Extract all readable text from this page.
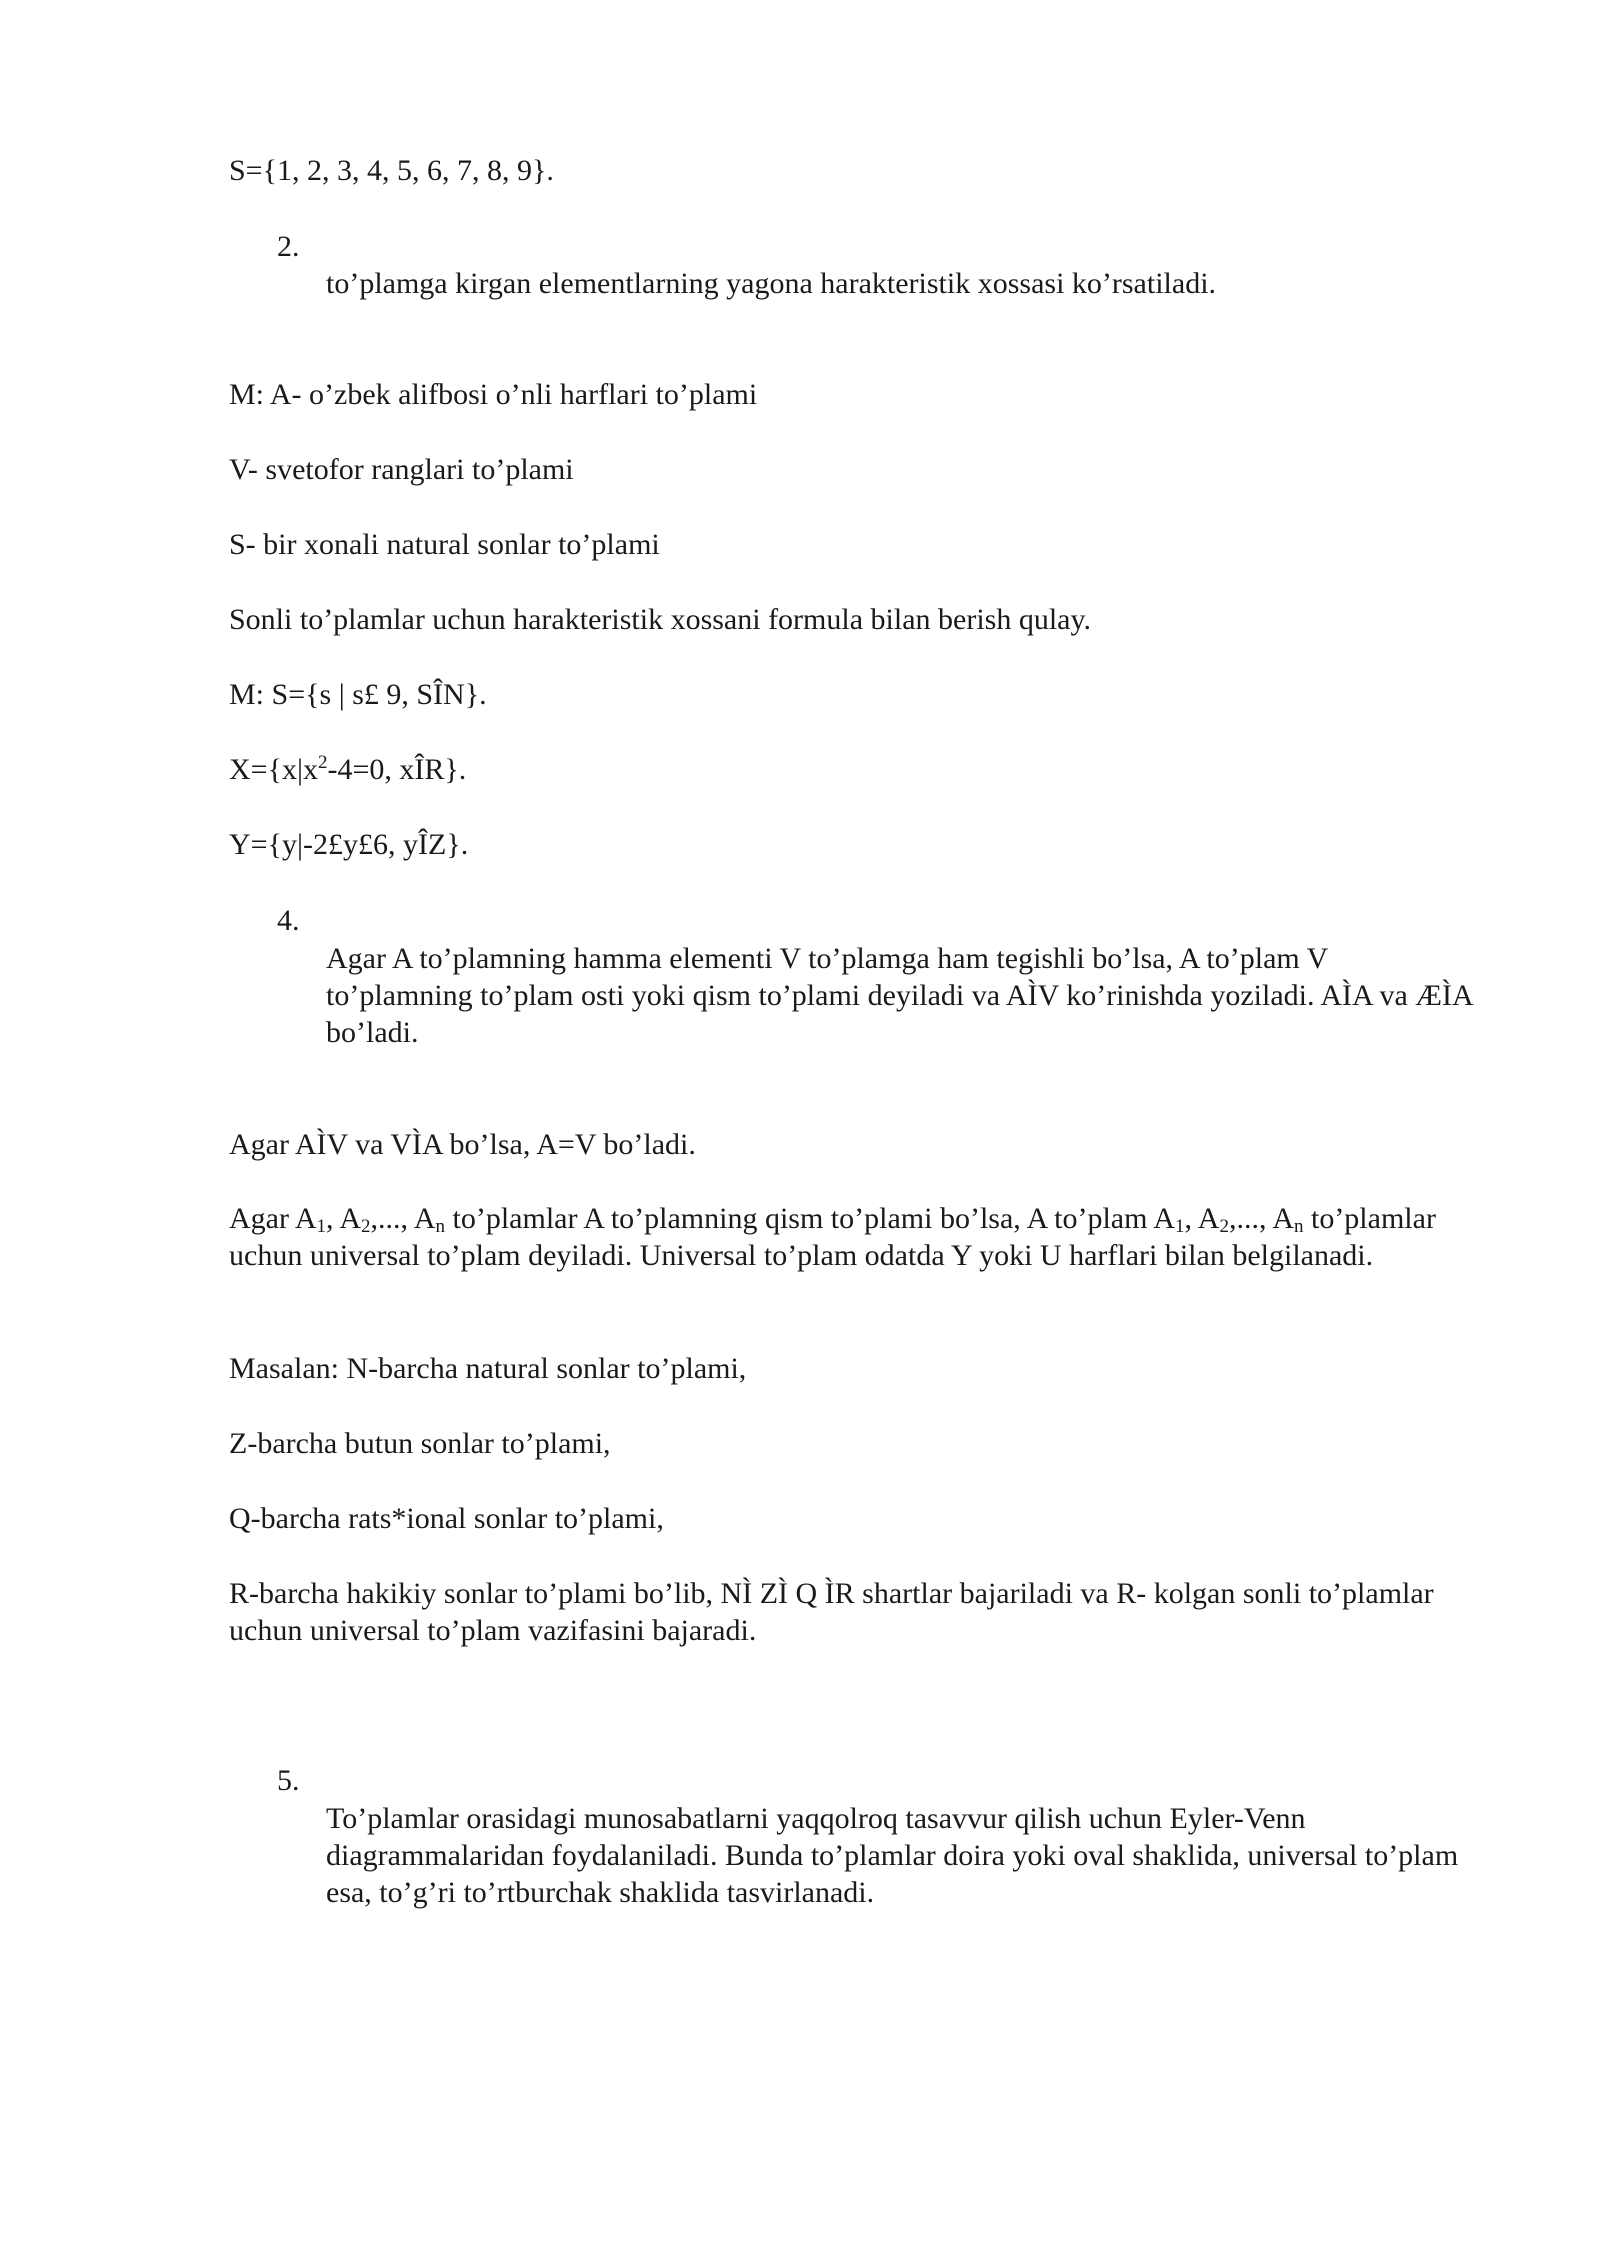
S={1, 2, 3, 4, 5, 6, 7, 8, 9}.

2.

to’plamga kirgan elementlarning yagona harakteristik xossasi ko’rsatiladi.

M: A- o’zbek alifbosi o’nli harflari to’plami

V- svetofor ranglari to’plami

S- bir xonali natural sonlar to’plami

Sonli to’plamlar uchun harakteristik xossani formula bilan berish qulay.

M: S={s | s£ 9, SÎN}.

$X=\{x|x^2-4=0$, xÎR}.

Y={y|-2£y£6, yÎZ}.

4.

Agar A to’plamning hamma elementi V to’plamga ham tegishli bo’lsa, A to’plam V to’plamning to’plam osti yoki qism to’plami deyiladi va AÌV ko’rinishda yoziladi. AÌA va ÆÌA bo’ladi.

Agar AÌV va VÌA bo’lsa, A=V bo’ladi.

Agar $A_1$, $A_2$,..., $A_n$ to’plamlar A to’plamning qism to’plami bo’lsa, A to’plam $A_1$, $A_2$,..., $A_n$ to’plamlar uchun universal to’plam deyiladi. Universal to’plam odatda Y yoki U harflari bilan belgilanadi.

Masalan: N-barcha natural sonlar to’plami,

Z-barcha butun sonlar to’plami,

Q-barcha rats*ional sonlar to’plami,

R-barcha hakikiy sonlar to’plami bo’lib, NÌ ZÌ Q ÌR shartlar bajariladi va R- kolgan sonli to’plamlar uchun universal to’plam vazifasini bajaradi.

5.

To’plamlar orasidagi munosabatlarni yaqqolroq tasavvur qilish uchun Eyler-Venn diagrammalaridan foydalaniladi. Bunda to’plamlar doira yoki oval shaklida, universal to’plam esa, to’g’ri to’rtburchak shaklida tasvirlanadi.
